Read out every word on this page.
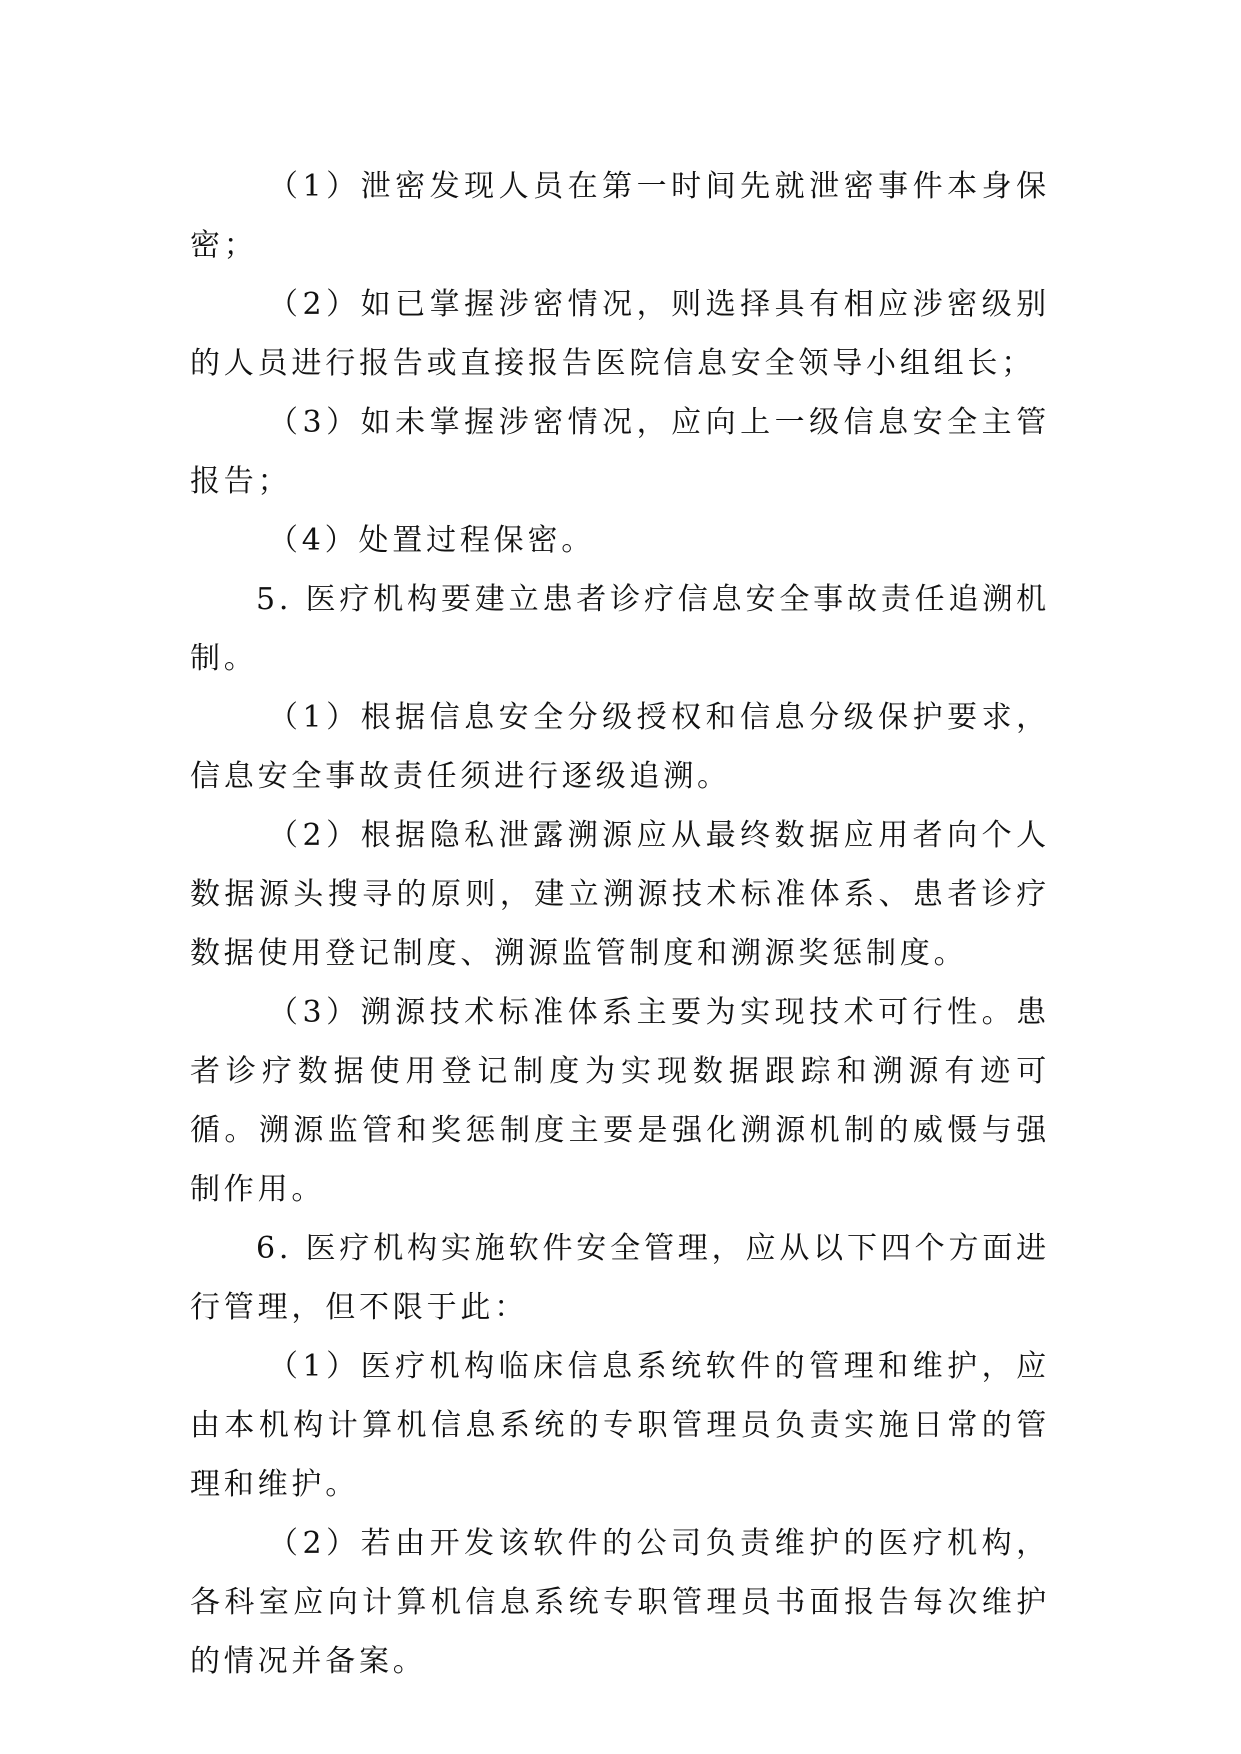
（1）泄密发现人员在第一时间先就泄密事件本身保密；

（2）如已掌握涉密情况，则选择具有相应涉密级别的人员进行报告或直接报告医院信息安全领导小组组长；

（3）如未掌握涉密情况，应向上一级信息安全主管报告；

（4）处置过程保密。

5. 医疗机构要建立患者诊疗信息安全事故责任追溯机制。

（1）根据信息安全分级授权和信息分级保护要求，信息安全事故责任须进行逐级追溯。

（2）根据隐私泄露溯源应从最终数据应用者向个人数据源头搜寻的原则，建立溯源技术标准体系、患者诊疗数据使用登记制度、溯源监管制度和溯源奖惩制度。

（3）溯源技术标准体系主要为实现技术可行性。患者诊疗数据使用登记制度为实现数据跟踪和溯源有迹可循。溯源监管和奖惩制度主要是强化溯源机制的威慑与强制作用。

6. 医疗机构实施软件安全管理，应从以下四个方面进行管理，但不限于此：

（1）医疗机构临床信息系统软件的管理和维护，应由本机构计算机信息系统的专职管理员负责实施日常的管理和维护。

（2）若由开发该软件的公司负责维护的医疗机构，各科室应向计算机信息系统专职管理员书面报告每次维护的情况并备案。
